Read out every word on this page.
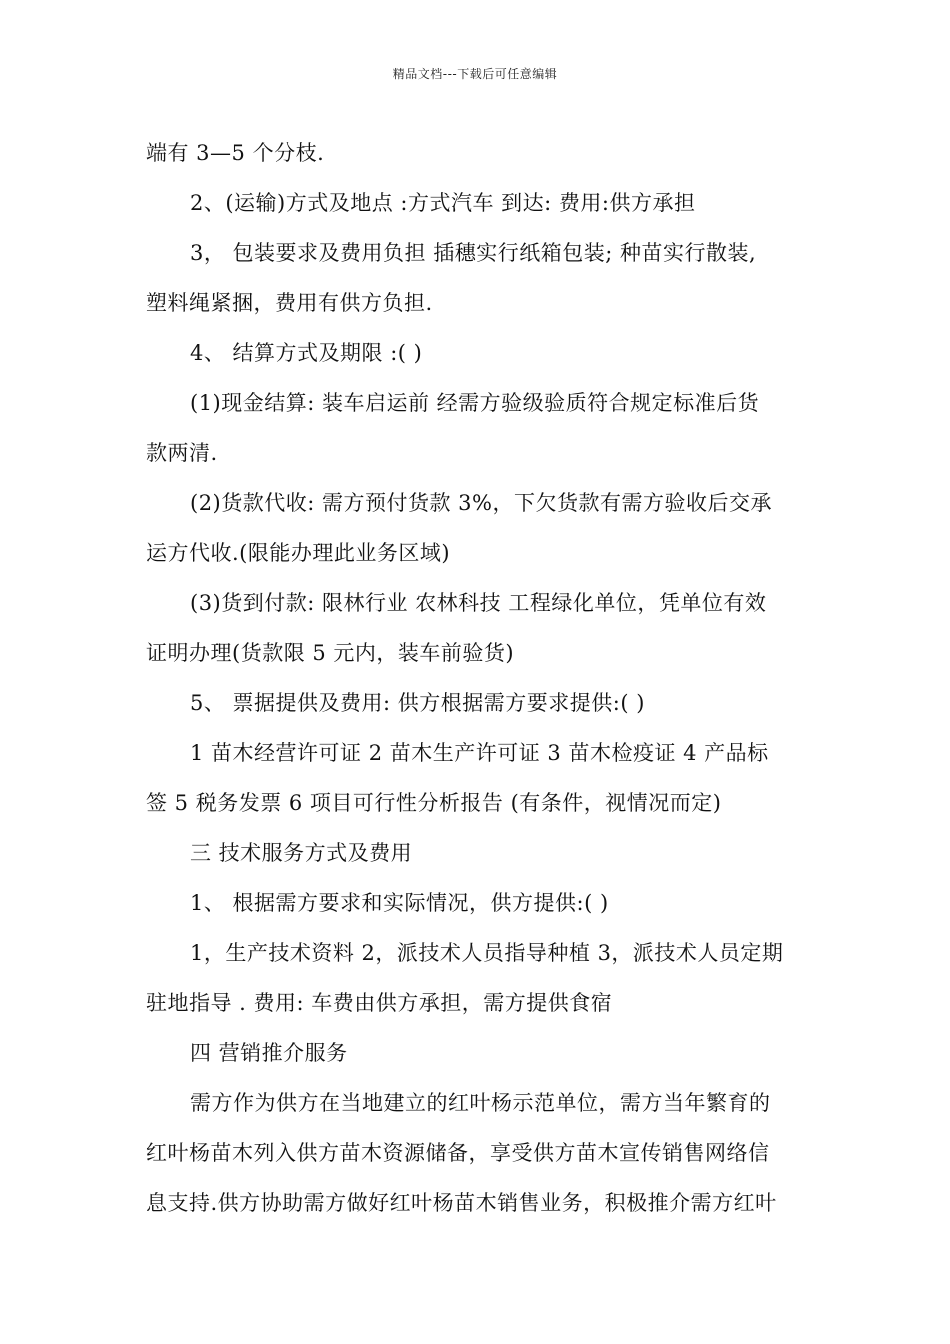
精品文档---下载后可任意编辑
端有 3—5 个分枝.
2、(运输)方式及地点 :方式汽车 到达: 费用:供方承担
3， 包装要求及费用负担 插穗实行纸箱包装; 种苗实行散装,
塑料绳紧捆，费用有供方负担.
4、 结算方式及期限 :( )
(1)现金结算: 装车启运前 经需方验级验质符合规定标准后货
款两清.
(2)货款代收: 需方预付货款 3%，下欠货款有需方验收后交承
运方代收.(限能办理此业务区域)
(3)货到付款: 限林行业 农林科技 工程绿化单位，凭单位有效
证明办理(货款限 5 元内，装车前验货)
5、 票据提供及费用: 供方根据需方要求提供:( )
1 苗木经营许可证 2 苗木生产许可证 3 苗木检疫证 4 产品标
签 5 税务发票 6 项目可行性分析报告 (有条件，视情况而定)
三 技术服务方式及费用
1、 根据需方要求和实际情况，供方提供:( )
1，生产技术资料 2，派技术人员指导种植 3，派技术人员定期
驻地指导 . 费用: 车费由供方承担，需方提供食宿
四 营销推介服务
需方作为供方在当地建立的红叶杨示范单位，需方当年繁育的
红叶杨苗木列入供方苗木资源储备，享受供方苗木宣传销售网络信
息支持.供方协助需方做好红叶杨苗木销售业务，积极推介需方红叶
